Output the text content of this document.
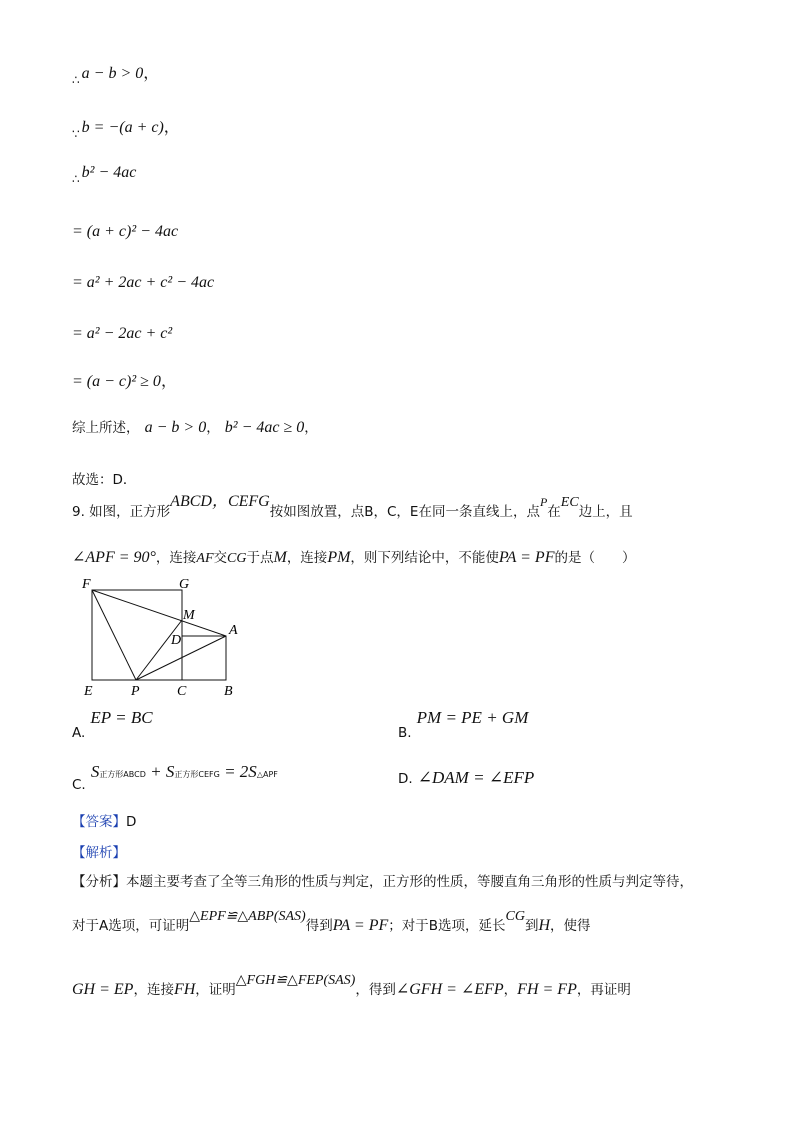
$_\therefore$ a − b > 0，
$_\because$ b = −(a + c)，
$_\therefore$ b² − 4ac
= (a + c)² − 4ac
= a² + 2ac + c² − 4ac
= a² − 2ac + c²
= (a − c)² ≥ 0，
综上所述， a − b > 0， b² − 4ac ≥ 0，
故选：D．
9. 如图，正方形ABCD，CEFG按如图放置，点B，C，E在同一条直线上，点$^P$在EC边上，且
∠APF = 90°，连接AF交CG于点M，连接PM，则下列结论中，不能使PA = PF的是（　　）
F	G
M
D
A
E	P	C	B
$_{A.}$ EP = BC
$_{B.}$ PM = PE + GM
$_{C.}$ S正方形ABCD + S正方形CEFG = 2S△APF	D. ∠DAM = ∠EFP
【答案】D
【解析】
【分析】本题主要考查了全等三角形的性质与判定，正方形的性质，等腰直角三角形的性质与判定等待，
对于A选项，可证明△EPF≌△ABP(SAS)得到PA = PF；对于B选项，延长CG到H，使得
GH = EP，连接FH，证明△FGH≌△FEP(SAS)，得到∠GFH = ∠EFP，FH = FP，再证明
